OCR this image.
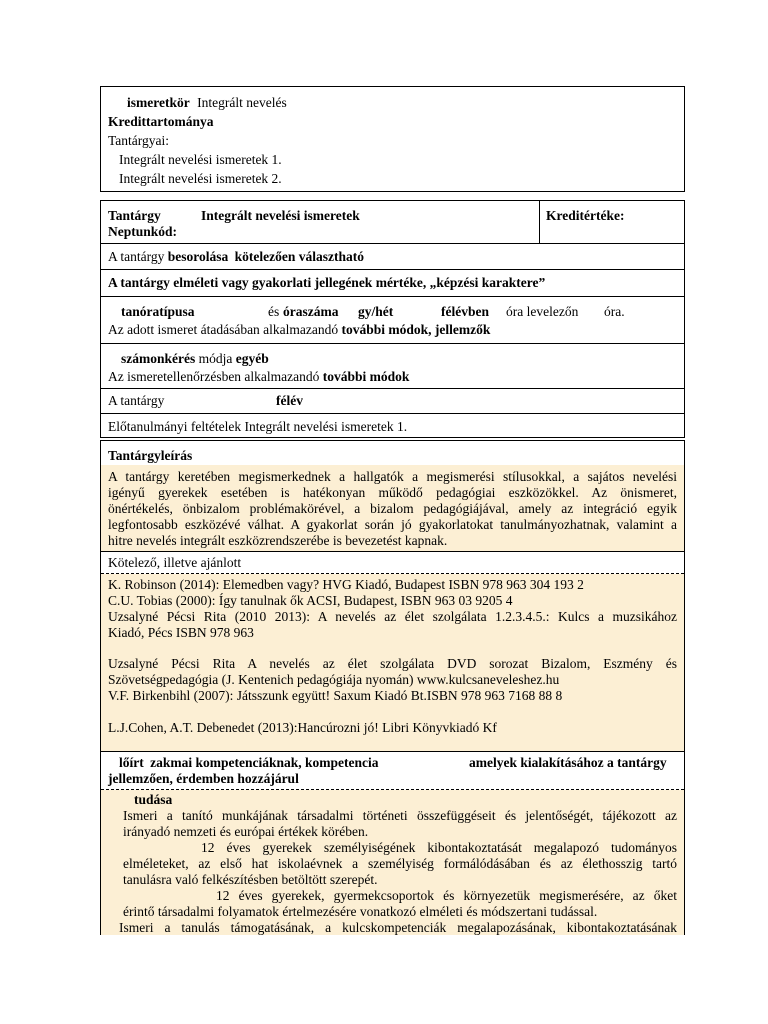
ismeretkör Integrált nevelés
Kredittartománya
Tantárgyai:
Integrált nevelési ismeretek 1.
Integrált nevelési ismeretek 2.
Tantárgy	Integrált nevelési ismeretek
Neptunkód:
Kreditértéke:
A tantárgy besorolása kötelezően választható
A tantárgy elméleti vagy gyakorlati jellegének mértéke, „képzési karaktere”
tanóratípusa	és óraszáma gy/hét	félévben óra levelezőn óra.
Az adott ismeret átadásában alkalmazandó további módok, jellemzők
számonkérés módja egyéb
Az ismeretellenőrzésben alkalmazandó további módok
A tantárgy	félév
Előtanulmányi feltételek Integrált nevelési ismeretek 1.
Tantárgyleírás
A tantárgy keretében megismerkednek a hallgatók a megismerési stílusokkal, a sajátos nevelési
igényű gyerekek esetében is hatékonyan működő pedagógiai eszközökkel. Az önismeret,
önértékelés, önbizalom problémakörével, a bizalom pedagógiájával, amely az integráció egyik
legfontosabb eszközévé válhat. A gyakorlat során jó gyakorlatokat tanulmányozhatnak, valamint a
hitre nevelés integrált eszközrendszerébe is bevezetést kapnak.
Kötelező, illetve ajánlott
K. Robinson (2014): Elemedben vagy? HVG Kiadó, Budapest ISBN 978 963 304 193 2
C.U. Tobias (2000): Így tanulnak ők ACSI, Budapest, ISBN 963 03 9205 4
Uzsalyné Pécsi Rita (2010 2013): A nevelés az élet szolgálata 1.2.3.4.5.: Kulcs a muzsikához
Kiadó, Pécs ISBN 978 963
Uzsalyné Pécsi Rita A nevelés az élet szolgálata DVD sorozat Bizalom, Eszmény és
Szövetségpedagógia (J. Kentenich pedagógiája nyomán) www.kulcsaneveleshez.hu
V.F. Birkenbihl (2007): Játsszunk együtt! Saxum Kiadó Bt.ISBN 978 963 7168 88 8
L.J.Cohen, A.T. Debenedet (2013):Hancúrozni jó! Libri Könyvkiadó Kf
lőírt zakmai kompetenciáknak, kompetencia	amelyek kialakításához a tantárgy
jellemzően, érdemben hozzájárul
tudása
Ismeri a tanító munkájának társadalmi történeti összefüggéseit és jelentőségét, tájékozott az
irányadó nemzeti és európai értékek körében.
12 éves gyerekek személyiségének kibontakoztatását megalapozó tudományos
elméleteket, az első hat iskolaévnek a személyiség formálódásában és az élethosszig tartó
tanulásra való felkészítésben betöltött szerepét.
12 éves gyerekek, gyermekcsoportok és környezetük megismerésére, az őket
érintő társadalmi folyamatok értelmezésére vonatkozó elméleti és módszertani tudással.
Ismeri a tanulás támogatásának, a kulcskompetenciák megalapozásának, kibontakoztatásának
